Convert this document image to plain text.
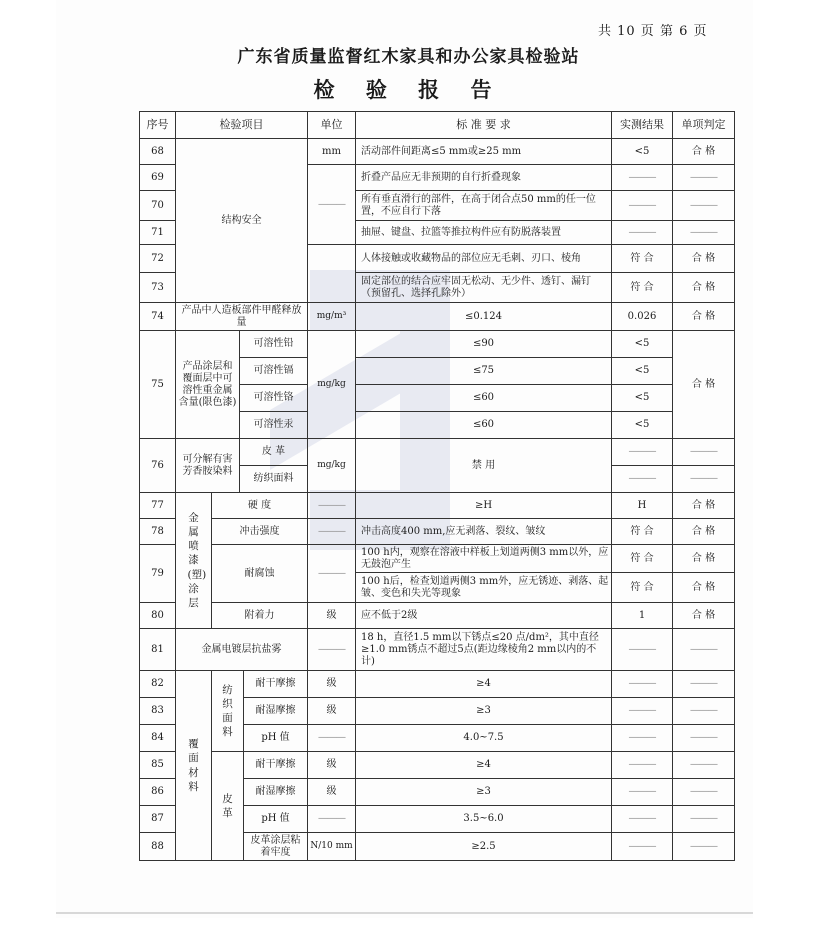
共 10 页 第 6 页
广东省质量监督红木家具和办公家具检验站
检 验 报 告
序号	检验项目				单位	标 准 要 求	实测结果	单项判定
68	结构安全				mm	活动部件间距离≤5 mm或≥25 mm	<5	合 格
69					———	折叠产品应无非预期的自行折叠现象	———	———
70						所有垂直滑行的部件，在高于闭合点50 mm的任一位置，不应自行下落	———	———
71						抽屉、键盘、拉篮等推拉构件应有防脱落装置	———	———
72						人体接触或收藏物品的部位应无毛刺、刃口、棱角	符 合	合 格
73						固定部位的结合应牢固无松动、无少件、透钉、漏钉（预留孔、选择孔除外）	符 合	合 格
74	产品中人造板部件甲醛释放量				mg/m³	≤0.124	0.026	合 格
75	产品涂层和覆面层中可溶性重金属含量(限色漆)		可溶性铅		mg/kg	≤90	<5	合 格
			可溶性镉			≤75	<5	
			可溶性铬			≤60	<5	
			可溶性汞			≤60	<5	
76	可分解有害芳香胺染料		皮 革		mg/kg	禁 用	———	———
			纺织面料				———	———
77	金属喷漆(塑)涂层	硬 度			———	≥H	H	合 格
78		冲击强度			———	冲击高度400 mm,应无剥落、裂纹、皱纹	符 合	合 格
79		耐腐蚀			———	100 h内，观察在溶液中样板上划道两侧3 mm以外，应无鼓泡产生	符 合	合 格
						100 h后，检查划道两侧3 mm外，应无锈迹、剥落、起皱、变色和失光等现象	符 合	合 格
80		附着力			级	应不低于2级	1	合 格
81	金属电镀层抗盐雾				———	18 h，直径1.5 mm以下锈点≤20 点/dm²，其中直径≥1.0 mm锈点不超过5点(距边缘棱角2 mm以内的不计)	———	———
82	覆面材料	纺织面料		耐干摩擦	级	≥4	———	———
83				耐湿摩擦	级	≥3	———	———
84				pH 值	———	4.0~7.5	———	———
85		皮革		耐干摩擦	级	≥4	———	———
86				耐湿摩擦	级	≥3	———	———
87				pH 值	———	3.5~6.0	———	———
88				皮革涂层粘着牢度	N/10 mm	≥2.5	———	———
